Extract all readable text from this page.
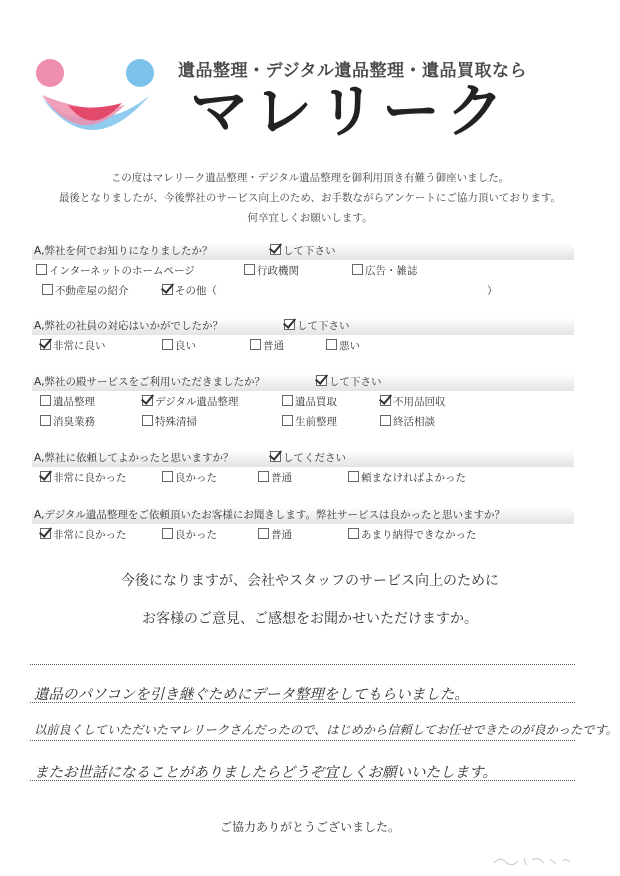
遺品整理・デジタル遺品整理・遺品買取なら
マレリーク
この度はマレリーク遺品整理・デジタル遺品整理を御利用頂き有難う御座いました。
最後となりましたが、今後弊社のサービス向上のため、お手数ながらアンケートにご協力頂いております。
何卒宜しくお願いします。
A,弊社を何でお知りになりましたか？	して下さい
インターネットのホームページ	行政機関	広告・雑誌
不動産屋の紹介	その他（	）
A,弊社の社員の対応はいかがでしたか？	して下さい
非常に良い	良い	普通	悪い
A,弊社の殿サービスをご利用いただきましたか？	して下さい
遺品整理	デジタル遺品整理	遺品買取	不用品回収
消臭業務	特殊清掃	生前整理	終活相談
A,弊社に依頼してよかったと思いますか？	してください
非常に良かった	良かった	普通	頼まなければよかった
A,デジタル遺品整理をご依頼頂いたお客様にお聞きします。弊社サービスは良かったと思いますか？
非常に良かった	良かった	普通	あまり納得できなかった
今後になりますが、会社やスタッフのサービス向上のために
お客様のご意見、ご感想をお聞かせいただけますか。
遺品のパソコンを引き継ぐためにデータ整理をしてもらいました。
以前良くしていただいたマレリークさんだったので、はじめから信頼してお任せできたのが良かったです。
またお世話になることがありましたらどうぞ宜しくお願いいたします。
ご協力ありがとうございました。
